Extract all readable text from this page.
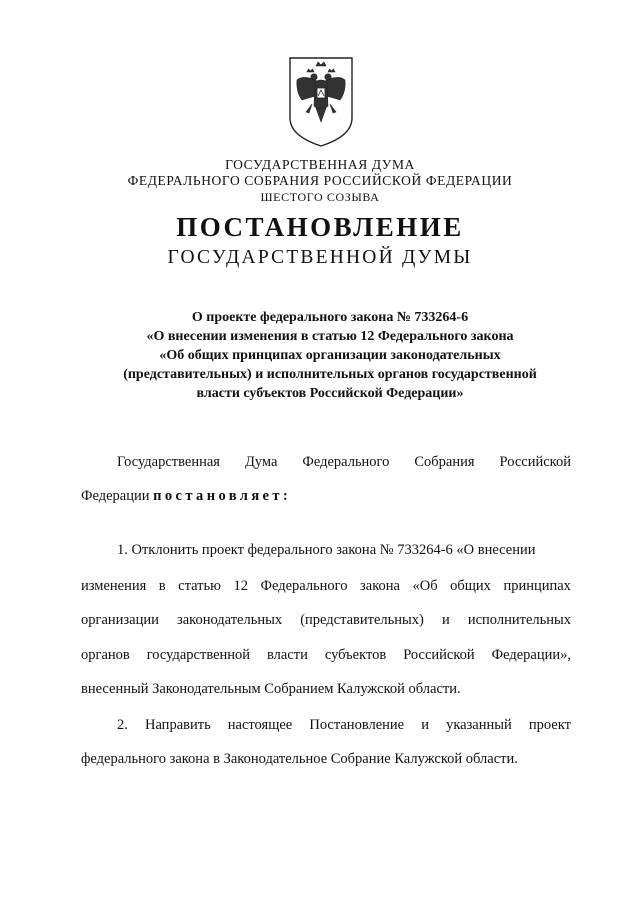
ГОСУДАРСТВЕННАЯ ДУМА
ФЕДЕРАЛЬНОГО СОБРАНИЯ РОССИЙСКОЙ ФЕДЕРАЦИИ
ШЕСТОГО СОЗЫВА
ПОСТАНОВЛЕНИЕ
ГОСУДАРСТВЕННОЙ ДУМЫ
О проекте федерального закона № 733264-6
«О внесении изменения в статью 12 Федерального закона
«Об общих принципах организации законодательных
(представительных) и исполнительных органов государственной
власти субъектов Российской Федерации»
Государственная Дума Федерального Собрания Российской
Федерации постановляет:
1. Отклонить проект федерального закона № 733264-6 «О внесении
изменения в статью 12 Федерального закона «Об общих принципах
организации законодательных (представительных) и исполнительных
органов государственной власти субъектов Российской Федерации»,
внесенный Законодательным Собранием Калужской области.
2. Направить настоящее Постановление и указанный проект
федерального закона в Законодательное Собрание Калужской области.
